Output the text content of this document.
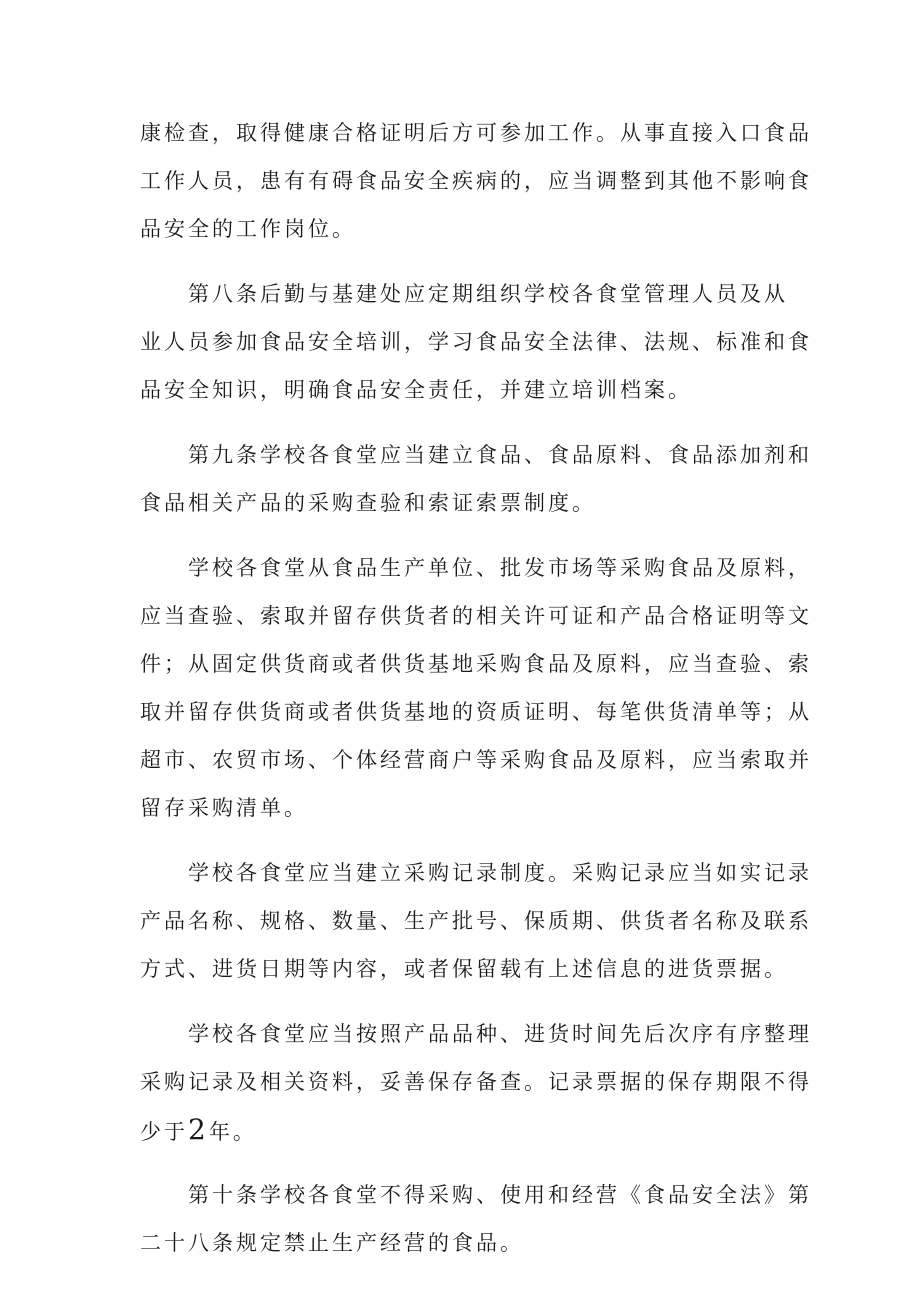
康检查，取得健康合格证明后方可参加工作。从事直接入口食品
工作人员，患有有碍食品安全疾病的，应当调整到其他不影响食
品安全的工作岗位。
第八条后勤与基建处应定期组织学校各食堂管理人员及从
业人员参加食品安全培训，学习食品安全法律、法规、标准和食
品安全知识，明确食品安全责任，并建立培训档案。
第九条学校各食堂应当建立食品、食品原料、食品添加剂和
食品相关产品的采购查验和索证索票制度。
学校各食堂从食品生产单位、批发市场等采购食品及原料，
应当查验、索取并留存供货者的相关许可证和产品合格证明等文
件；从固定供货商或者供货基地采购食品及原料，应当查验、索
取并留存供货商或者供货基地的资质证明、每笔供货清单等；从
超市、农贸市场、个体经营商户等采购食品及原料，应当索取并
留存采购清单。
学校各食堂应当建立采购记录制度。采购记录应当如实记录
产品名称、规格、数量、生产批号、保质期、供货者名称及联系
方式、进货日期等内容，或者保留载有上述信息的进货票据。
学校各食堂应当按照产品品种、进货时间先后次序有序整理
采购记录及相关资料，妥善保存备查。记录票据的保存期限不得
少于2年。
第十条学校各食堂不得采购、使用和经营《食品安全法》第
二十八条规定禁止生产经营的食品。
